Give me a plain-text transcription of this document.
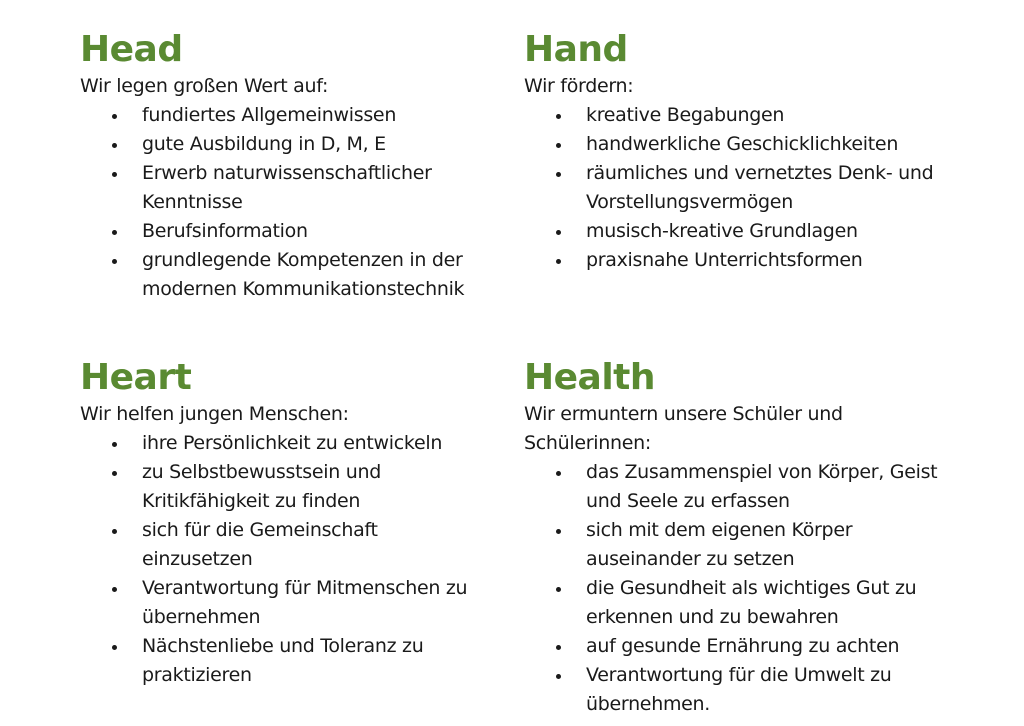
Head

Wir legen großen Wert auf:

fundiertes Allgemeinwissen
gute Ausbildung in D, M, E
Erwerb naturwissenschaftlicher Kenntnisse
Berufsinformation
grundlegende Kompetenzen in der modernen Kommunikationstechnik
Hand

Wir fördern:

kreative Begabungen
handwerkliche Geschicklichkeiten
räumliches und vernetztes Denk- und Vorstellungsvermögen
musisch-kreative Grundlagen
praxisnahe Unterrichtsformen
Heart

Wir helfen jungen Menschen:

ihre Persönlichkeit zu entwickeln
zu Selbstbewusstsein und Kritikfähigkeit zu finden
sich für die Gemeinschaft einzusetzen
Verantwortung für Mitmenschen zu übernehmen
Nächstenliebe und Toleranz zu praktizieren
Health

Wir ermuntern unsere Schüler und Schülerinnen:

das Zusammenspiel von Körper, Geist und Seele zu erfassen
sich mit dem eigenen Körper auseinander zu setzen
die Gesundheit als wichtiges Gut zu erkennen und zu bewahren
auf gesunde Ernährung zu achten
Verantwortung für die Umwelt zu übernehmen.
